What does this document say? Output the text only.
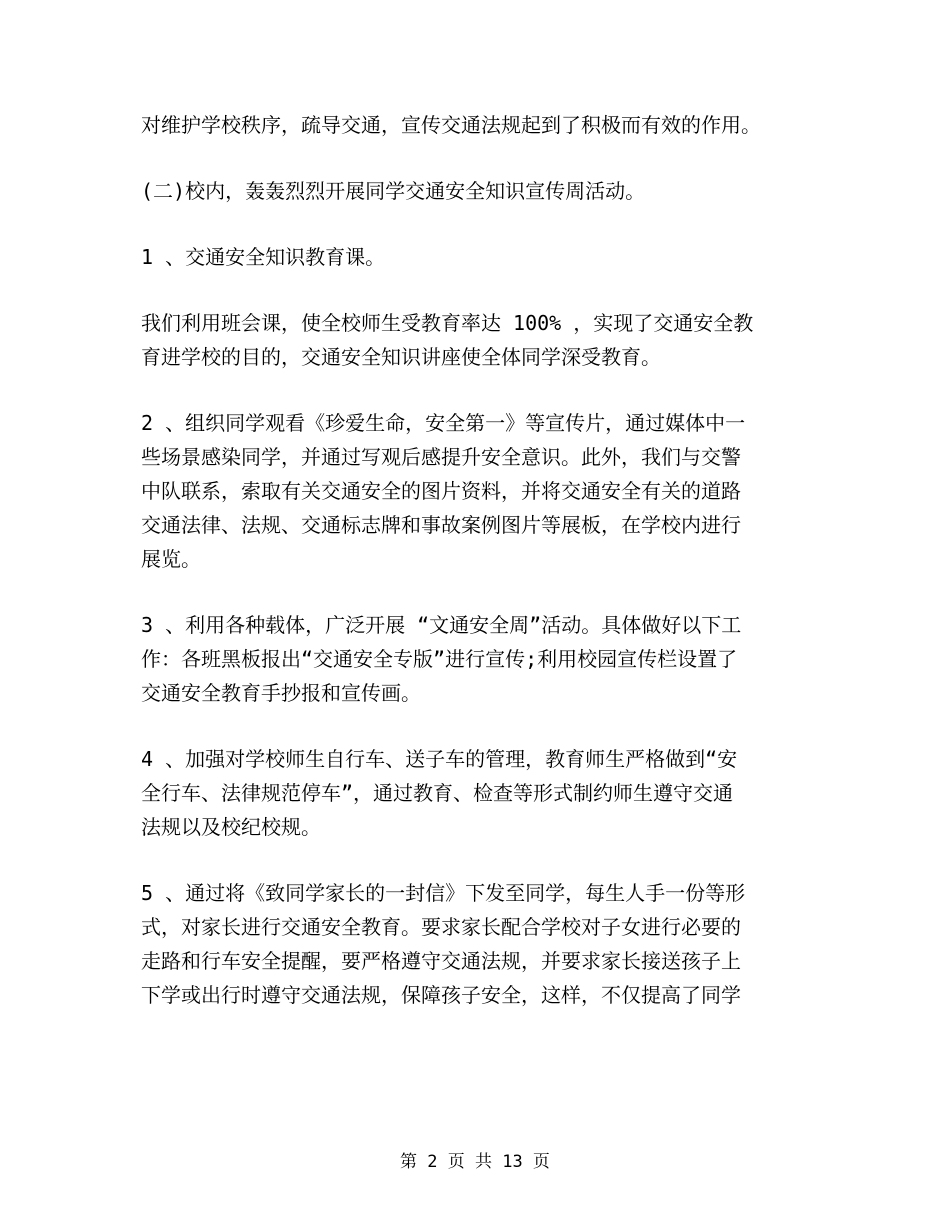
对维护学校秩序，疏导交通，宣传交通法规起到了积极而有效的作用。
(二)校内，轰轰烈烈开展同学交通安全知识宣传周活动。
1 、交通安全知识教育课。
我们利用班会课，使全校师生受教育率达 100% ，实现了交通安全教
育进学校的目的，交通安全知识讲座使全体同学深受教育。
2 、组织同学观看《珍爱生命，安全第一》等宣传片，通过媒体中一
些场景感染同学，并通过写观后感提升安全意识。此外，我们与交警
中队联系，索取有关交通安全的图片资料，并将交通安全有关的道路
交通法律、法规、交通标志牌和事故案例图片等展板，在学校内进行
展览。
3 、利用各种载体，广泛开展 “文通安全周”活动。具体做好以下工
作：各班黑板报出“交通安全专版”进行宣传;利用校园宣传栏设置了
交通安全教育手抄报和宣传画。
4 、加强对学校师生自行车、送子车的管理，教育师生严格做到“安
全行车、法律规范停车”，通过教育、检查等形式制约师生遵守交通
法规以及校纪校规。
5 、通过将《致同学家长的一封信》下发至同学，每生人手一份等形
式，对家长进行交通安全教育。要求家长配合学校对子女进行必要的
走路和行车安全提醒，要严格遵守交通法规，并要求家长接送孩子上
下学或出行时遵守交通法规，保障孩子安全，这样，不仅提高了同学
第 2 页 共 13 页
